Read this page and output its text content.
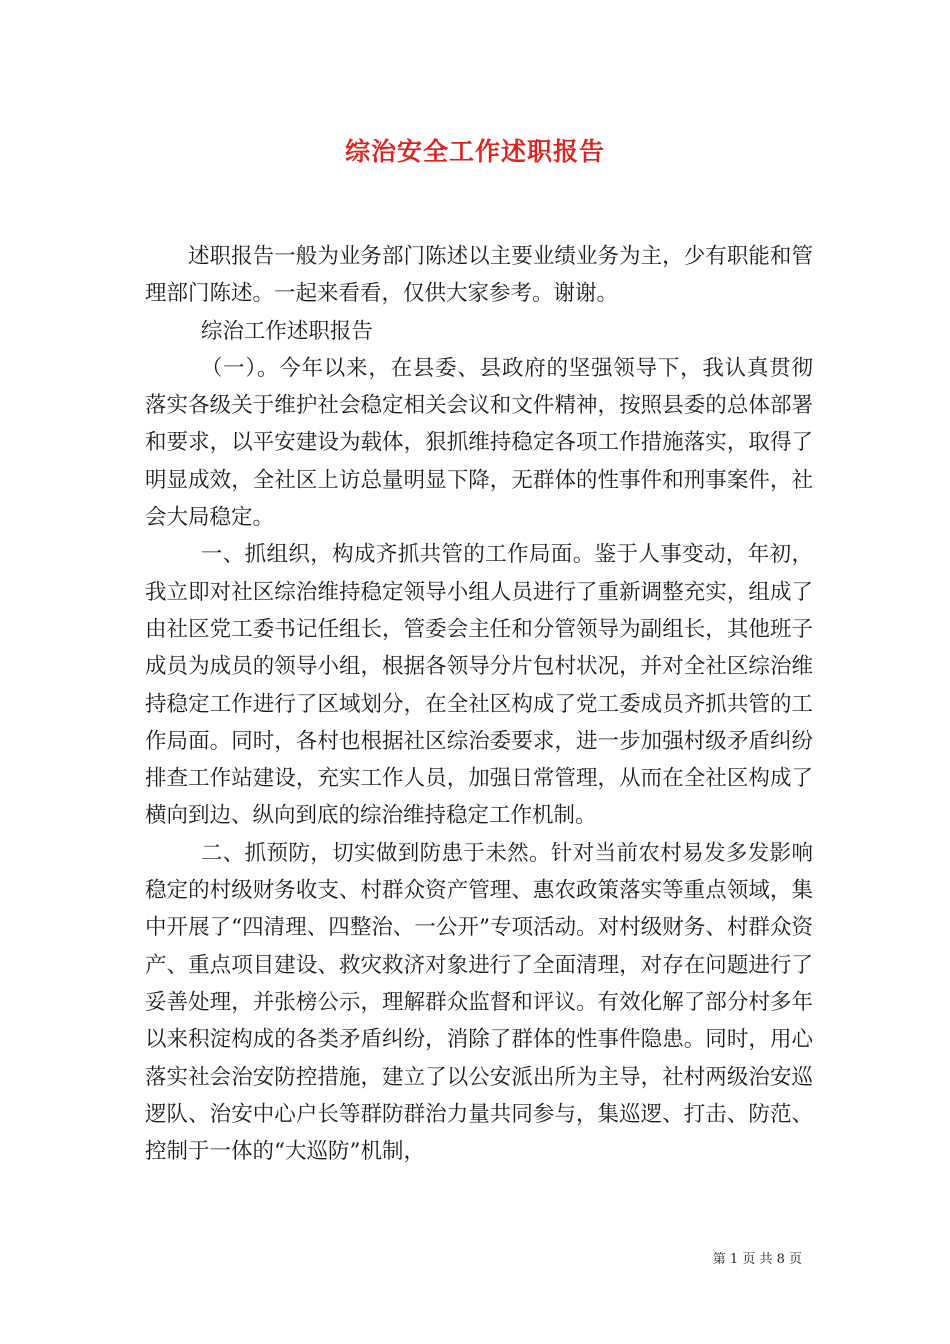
综治安全工作述职报告

述职报告一般为业务部门陈述以主要业绩业务为主，少有职能和管理部门陈述。一起来看看，仅供大家参考。谢谢。

综治工作述职报告

（一）。今年以来，在县委、县政府的坚强领导下，我认真贯彻落实各级关于维护社会稳定相关会议和文件精神，按照县委的总体部署和要求，以平安建设为载体，狠抓维持稳定各项工作措施落实，取得了明显成效，全社区上访总量明显下降，无群体的性事件和刑事案件，社会大局稳定。

一、抓组织，构成齐抓共管的工作局面。鉴于人事变动，年初，我立即对社区综治维持稳定领导小组人员进行了重新调整充实，组成了由社区党工委书记任组长，管委会主任和分管领导为副组长，其他班子成员为成员的领导小组，根据各领导分片包村状况，并对全社区综治维持稳定工作进行了区域划分，在全社区构成了党工委成员齐抓共管的工作局面。同时，各村也根据社区综治委要求，进一步加强村级矛盾纠纷排查工作站建设，充实工作人员，加强日常管理，从而在全社区构成了横向到边、纵向到底的综治维持稳定工作机制。

二、抓预防，切实做到防患于未然。针对当前农村易发多发影响稳定的村级财务收支、村群众资产管理、惠农政策落实等重点领域，集中开展了“四清理、四整治、一公开”专项活动。对村级财务、村群众资产、重点项目建设、救灾救济对象进行了全面清理，对存在问题进行了妥善处理，并张榜公示，理解群众监督和评议。有效化解了部分村多年以来积淀构成的各类矛盾纠纷，消除了群体的性事件隐患。同时，用心落实社会治安防控措施，建立了以公安派出所为主导，社村两级治安巡逻队、治安中心户长等群防群治力量共同参与，集巡逻、打击、防范、控制于一体的“大巡防”机制，

第 1 页 共 8 页
